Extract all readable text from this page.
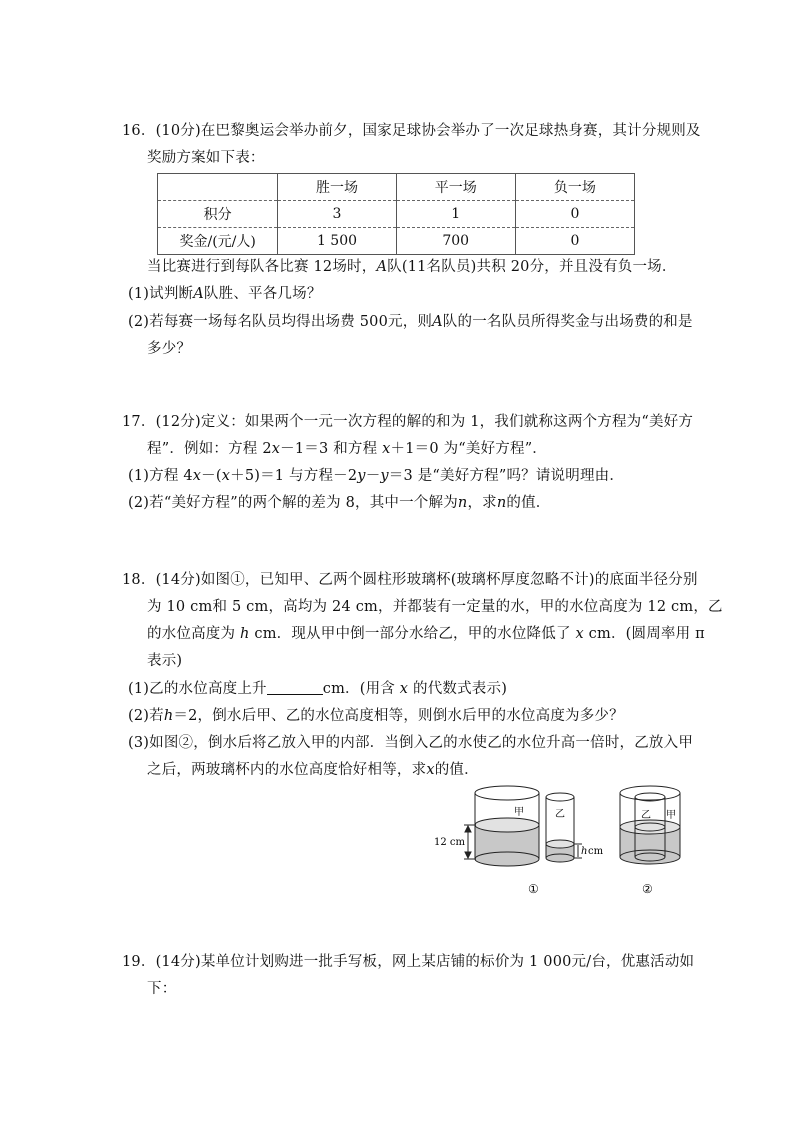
16．(10分)在巴黎奥运会举办前夕，国家足球协会举办了一次足球热身赛，其计分规则及
奖励方案如下表：
	胜一场	平一场	负一场
积分	3	1	0
奖金/(元/人)	1 500	700	0
当比赛进行到每队各比赛 12场时，A队(11名队员)共积 20分，并且没有负一场．
(1)试判断A队胜、平各几场？
(2)若每赛一场每名队员均得出场费 500元，则A队的一名队员所得奖金与出场费的和是
多少？
17．(12分)定义：如果两个一元一次方程的解的和为 1，我们就称这两个方程为“美好方
程”．例如：方程 2x－1＝3 和方程 x＋1＝0 为“美好方程”．
(1)方程 4x－(x＋5)＝1 与方程－2y－y＝3 是“美好方程”吗？请说明理由．
(2)若“美好方程”的两个解的差为 8，其中一个解为n，求n的值．
18．(14分)如图①，已知甲、乙两个圆柱形玻璃杯(玻璃杯厚度忽略不计)的底面半径分别
为 10 cm和 5 cm，高均为 24 cm，并都装有一定量的水，甲的水位高度为 12 cm，乙
的水位高度为 h cm．现从甲中倒一部分水给乙，甲的水位降低了 x cm．(圆周率用 π
表示)
(1)乙的水位高度上升	cm．(用含 x 的代数式表示)
(2)若h＝2，倒水后甲、乙的水位高度相等，则倒水后甲的水位高度为多少？
(3)如图②，倒水后将乙放入甲的内部．当倒入乙的水使乙的水位升高一倍时，乙放入甲
之后，两玻璃杯内的水位高度恰好相等，求x的值．
甲
12 cm
乙
h cm
乙 甲
①	②
19．(14分)某单位计划购进一批手写板，网上某店铺的标价为 1 000元/台，优惠活动如
下：
